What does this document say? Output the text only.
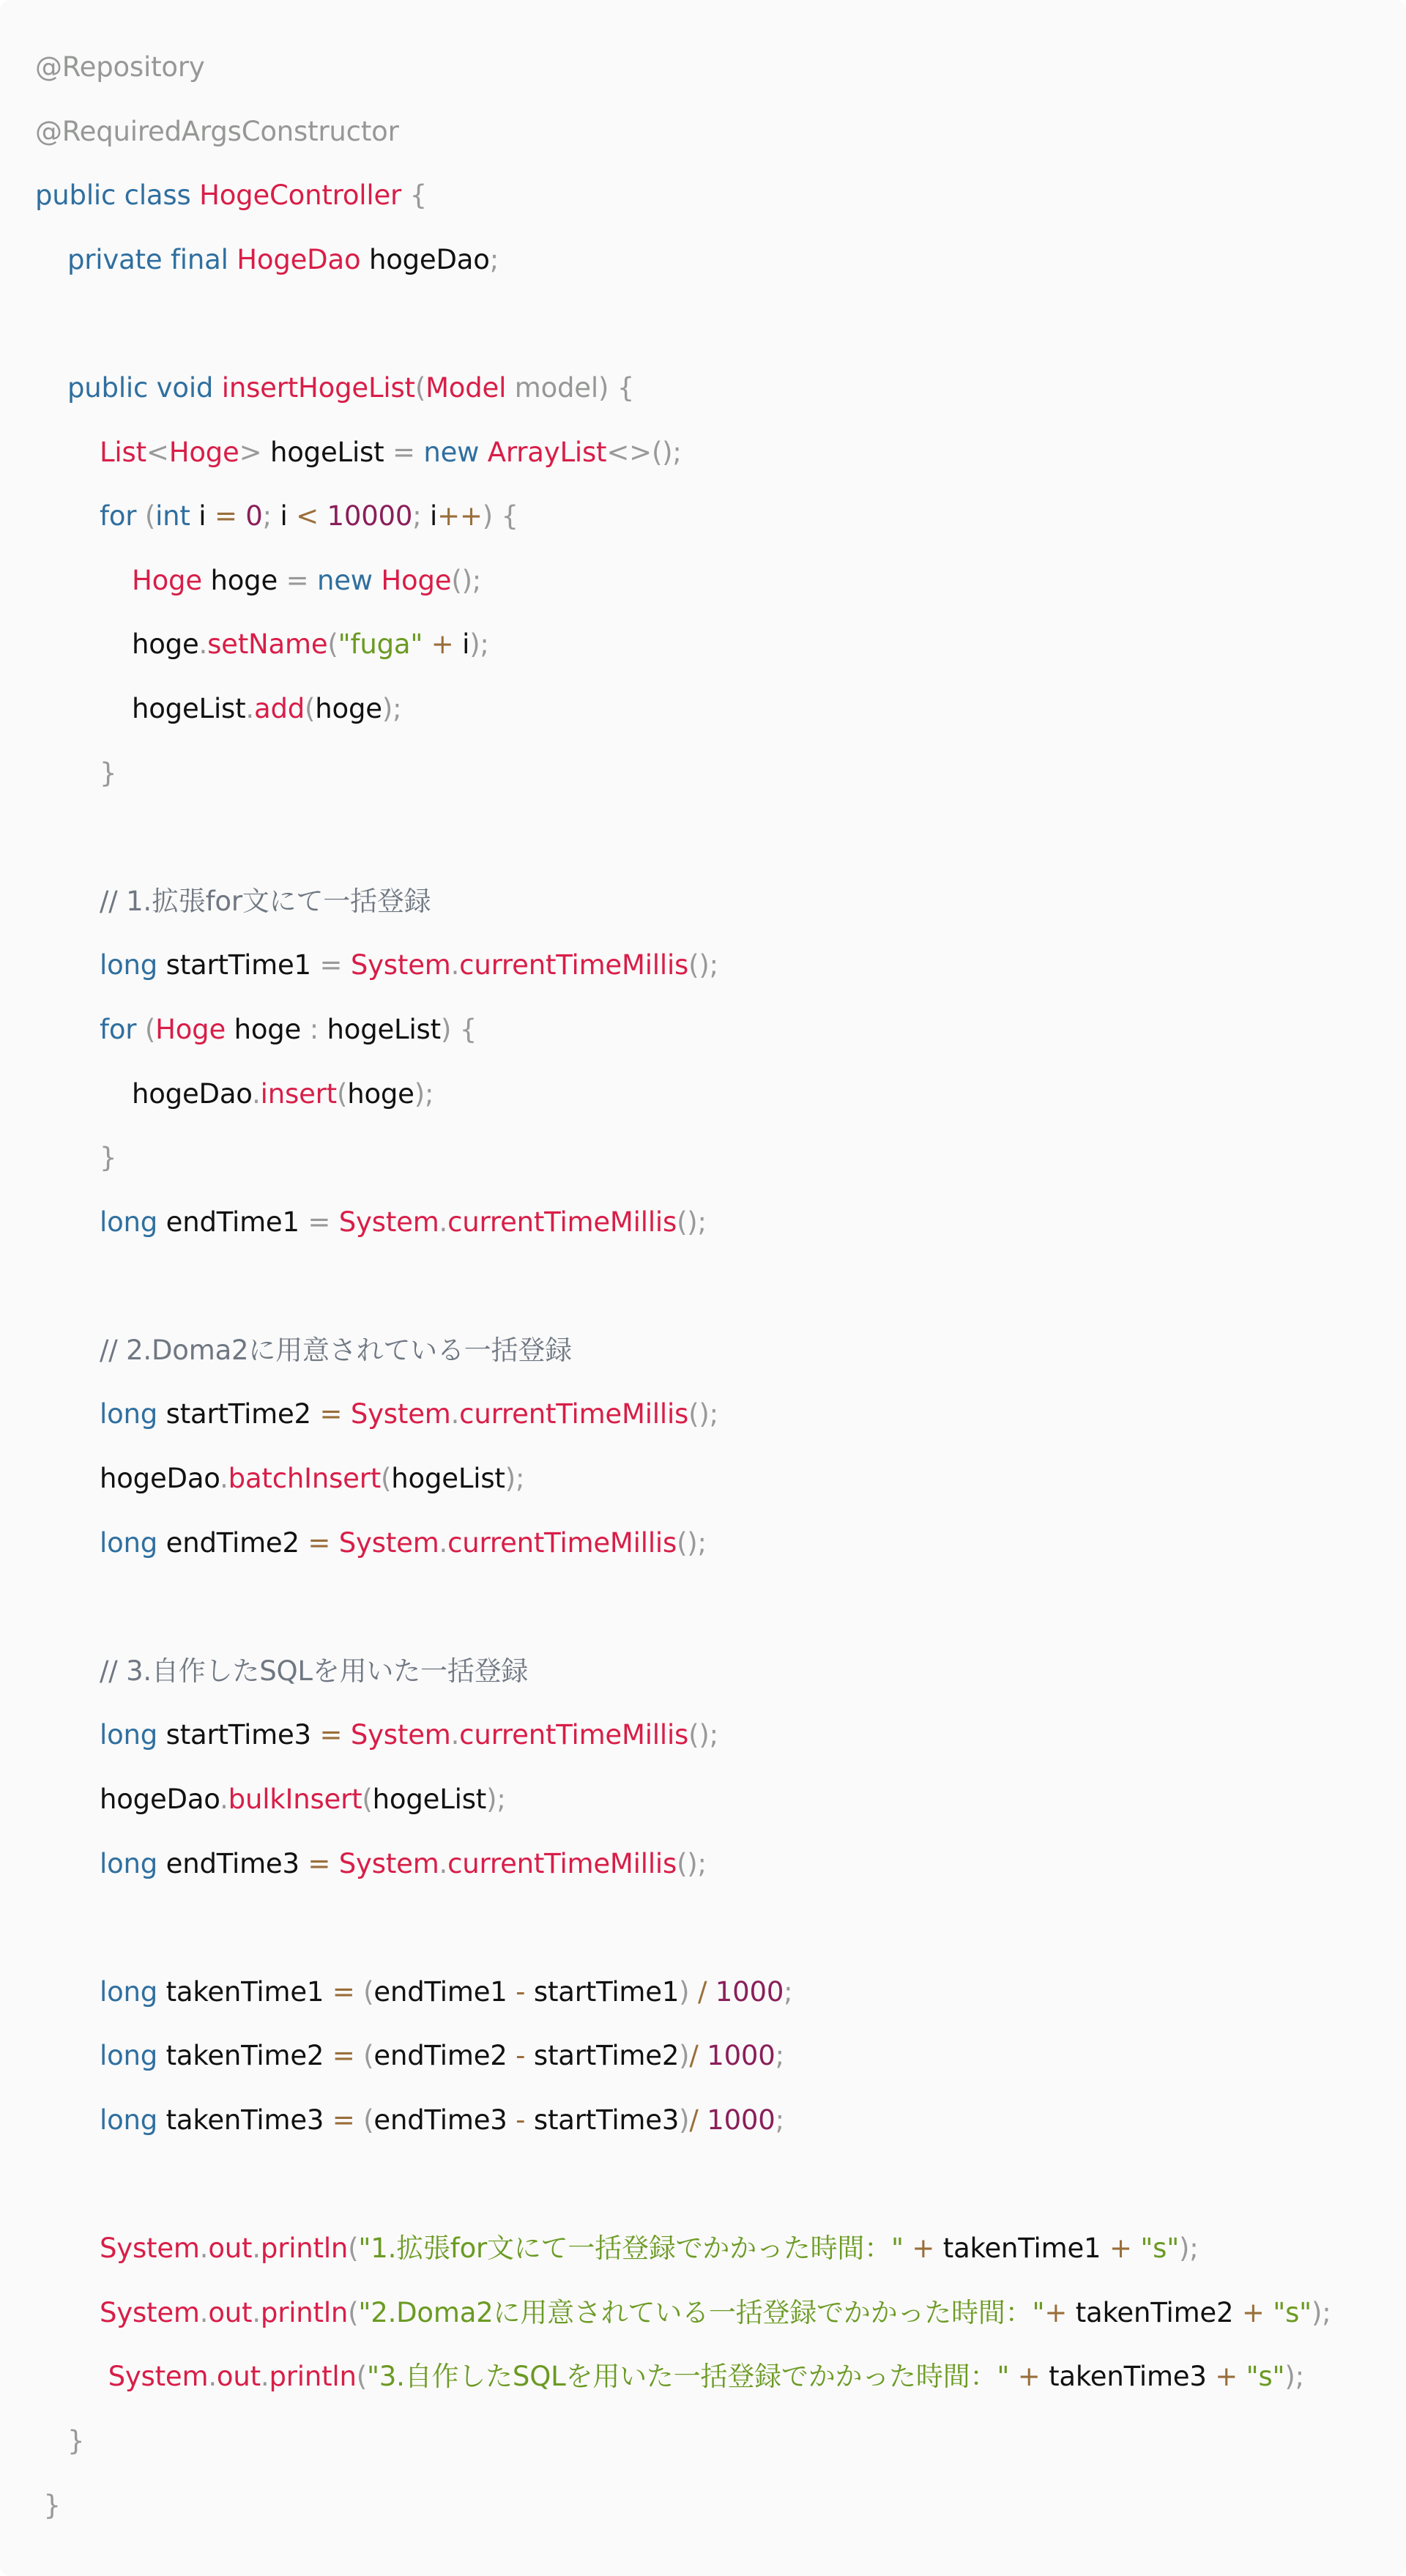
@Repository
@RequiredArgsConstructor
public class HogeController {
private final HogeDao hogeDao;
public void insertHogeList(Model model) {
List<Hoge> hogeList = new ArrayList<>();
for (int i = 0; i < 10000; i++) {
Hoge hoge = new Hoge();
hoge.setName("fuga" + i);
hogeList.add(hoge);
}
// 1.拡張for文にて一括登録
long startTime1 = System.currentTimeMillis();
for (Hoge hoge : hogeList) {
hogeDao.insert(hoge);
}
long endTime1 = System.currentTimeMillis();
// 2.Doma2に用意されている一括登録
long startTime2 = System.currentTimeMillis();
hogeDao.batchInsert(hogeList);
long endTime2 = System.currentTimeMillis();
// 3.自作したSQLを用いた一括登録
long startTime3 = System.currentTimeMillis();
hogeDao.bulkInsert(hogeList);
long endTime3 = System.currentTimeMillis();
long takenTime1 = (endTime1 - startTime1) / 1000;
long takenTime2 = (endTime2 - startTime2)/ 1000;
long takenTime3 = (endTime3 - startTime3)/ 1000;
System.out.println("1.拡張for文にて一括登録でかかった時間：" + takenTime1 + "s");
System.out.println("2.Doma2に用意されている一括登録でかかった時間："+ takenTime2 + "s");
System.out.println("3.自作したSQLを用いた一括登録でかかった時間：" + takenTime3 + "s");
}
}
